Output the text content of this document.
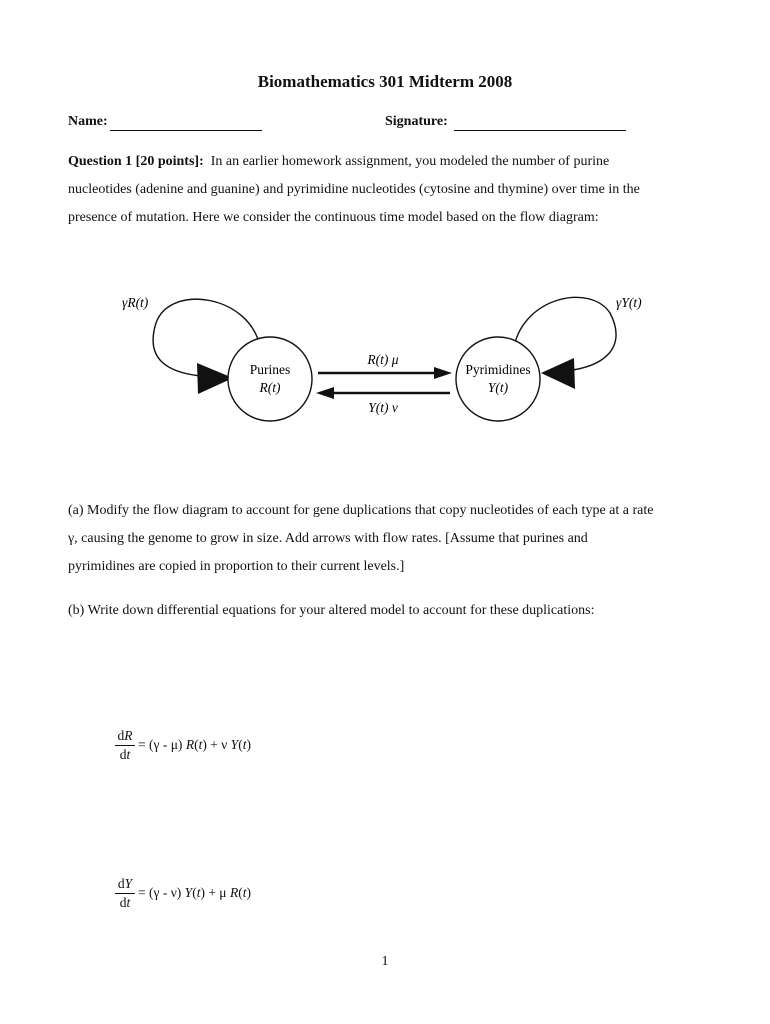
Biomathematics 301 Midterm 2008
Name:	Signature:
Question 1 [20 points]: In an earlier homework assignment, you modeled the number of purine
nucleotides (adenine and guanine) and pyrimidine nucleotides (cytosine and thymine) over time in the
presence of mutation. Here we consider the continuous time model based on the flow diagram:
Purines
R(t)
Pyrimidines
Y(t)
R(t) μ
Y(t) ν
γR(t)	γY(t)
(a) Modify the flow diagram to account for gene duplications that copy nucleotides of each type at a rate
γ, causing the genome to grow in size. Add arrows with flow rates. [Assume that purines and
pyrimidines are copied in proportion to their current levels.]
(b) Write down differential equations for your altered model to account for these duplications:
dR
dt
= (γ - μ) R(t) + ν Y(t)
dY
dt
= (γ - ν) Y(t) + μ R(t)
1
